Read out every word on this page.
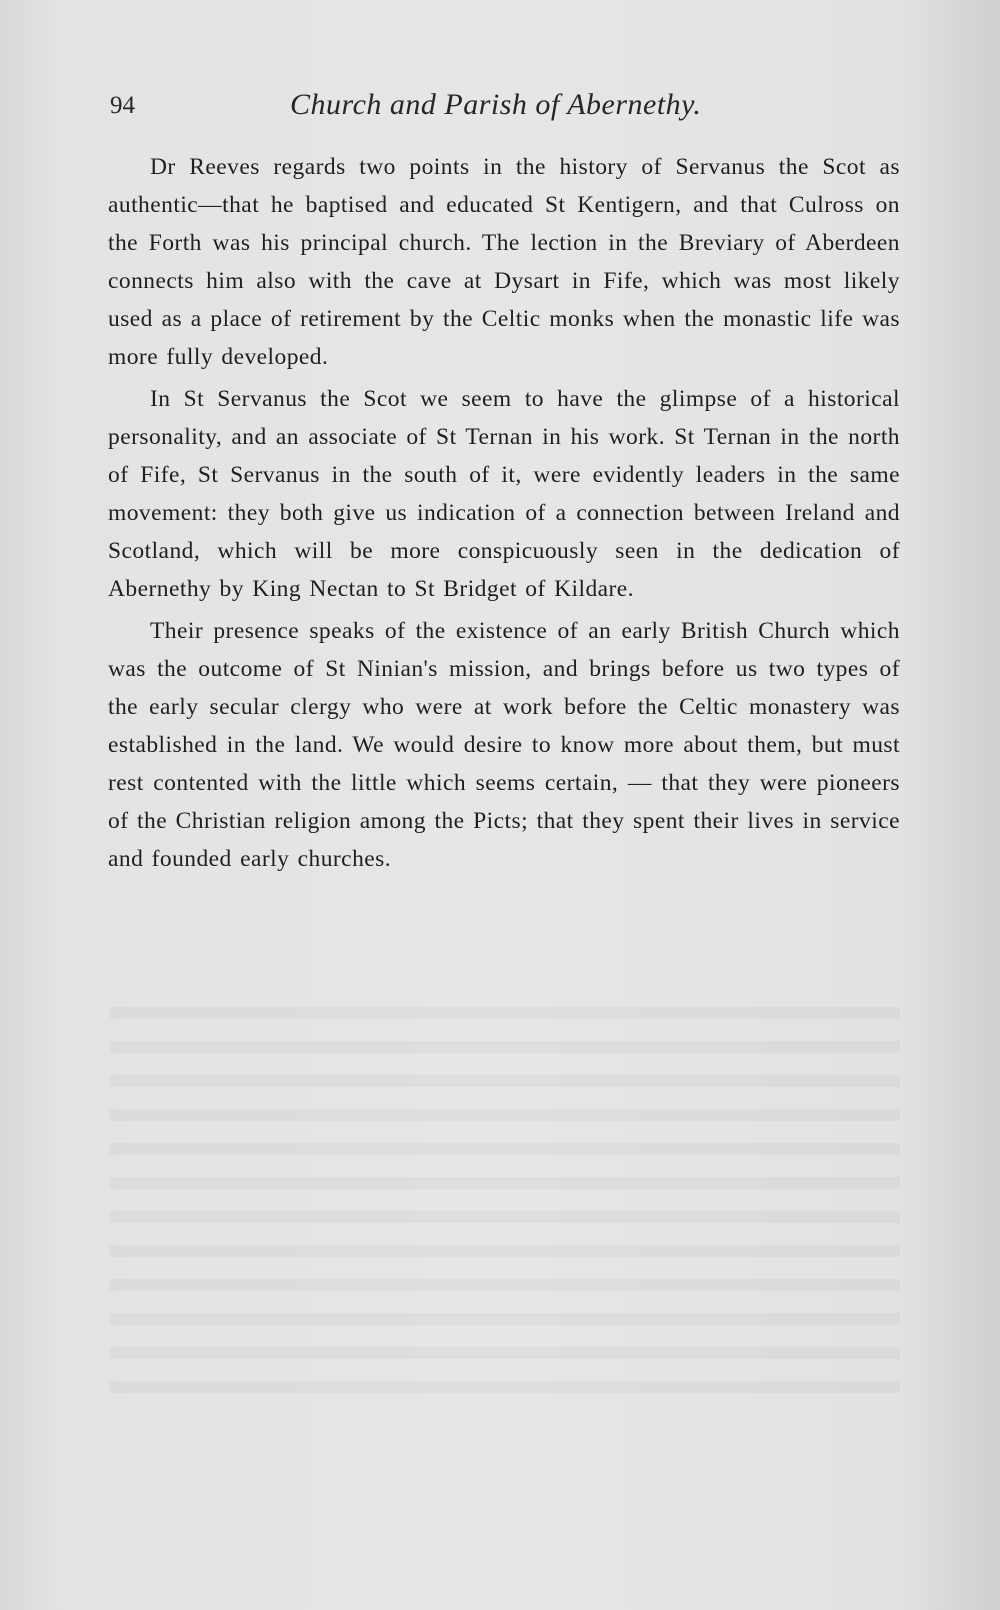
94	Church and Parish of Abernethy.

Dr Reeves regards two points in the history of Servanus the Scot as authentic—that he baptised and educated St Kentigern, and that Culross on the Forth was his principal church. The lection in the Breviary of Aberdeen connects him also with the cave at Dysart in Fife, which was most likely used as a place of retirement by the Celtic monks when the monastic life was more fully developed.

In St Servanus the Scot we seem to have the glimpse of a historical personality, and an associate of St Ternan in his work. St Ternan in the north of Fife, St Servanus in the south of it, were evidently leaders in the same movement: they both give us indication of a connection between Ireland and Scotland, which will be more conspicuously seen in the dedication of Abernethy by King Nectan to St Bridget of Kildare.

Their presence speaks of the existence of an early British Church which was the outcome of St Ninian's mission, and brings before us two types of the early secular clergy who were at work before the Celtic monastery was established in the land. We would desire to know more about them, but must rest contented with the little which seems certain, — that they were pioneers of the Christian religion among the Picts; that they spent their lives in service and founded early churches.
